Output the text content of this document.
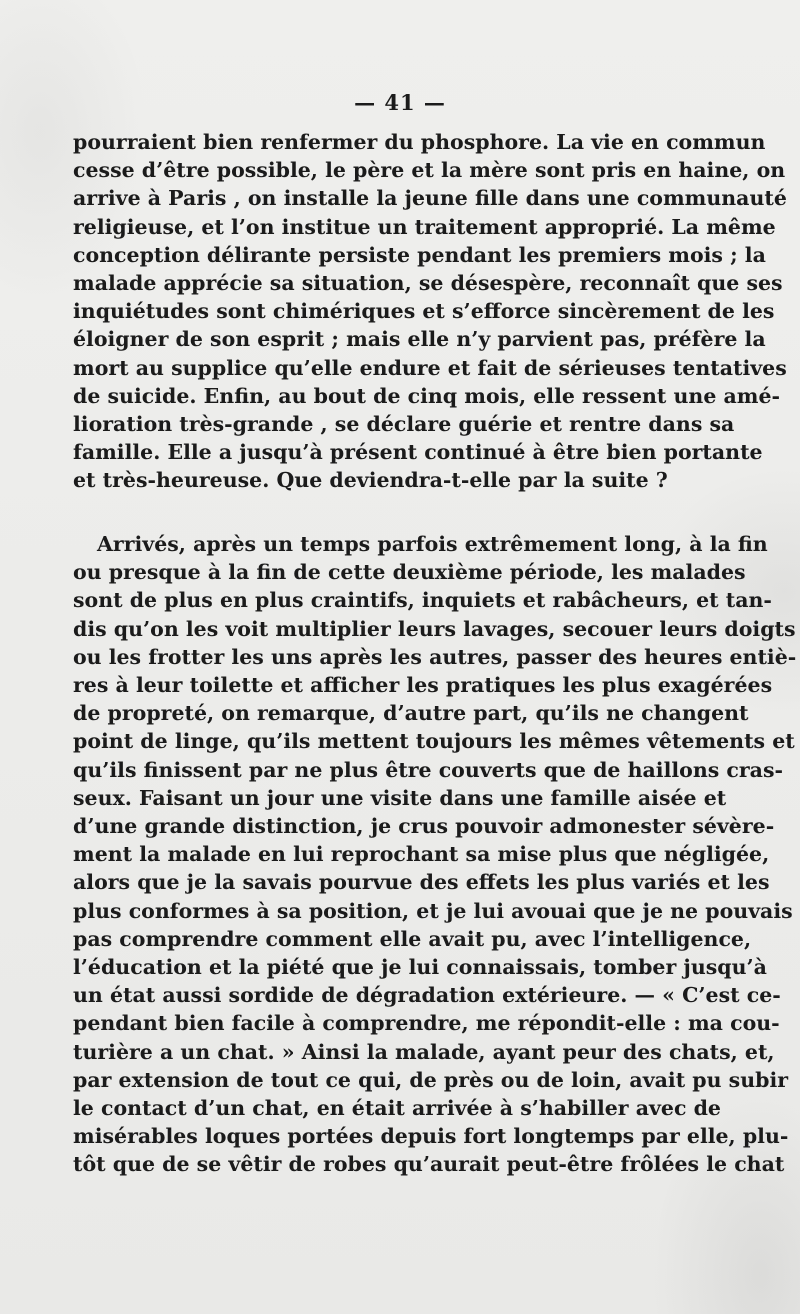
— 41 —
pourraient bien renfermer du phosphore. La vie en commun
cesse d’être possible, le père et la mère sont pris en haine, on
arrive à Paris , on installe la jeune fille dans une communauté
religieuse, et l’on institue un traitement approprié. La même
conception délirante persiste pendant les premiers mois ; la
malade apprécie sa situation, se désespère, reconnaît que ses
inquiétudes sont chimériques et s’efforce sincèrement de les
éloigner de son esprit ; mais elle n’y parvient pas, préfère la
mort au supplice qu’elle endure et fait de sérieuses tentatives
de suicide. Enfin, au bout de cinq mois, elle ressent une amé-
lioration très-grande , se déclare guérie et rentre dans sa
famille. Elle a jusqu’à présent continué à être bien portante
et très-heureuse. Que deviendra-t-elle par la suite ?
Arrivés, après un temps parfois extrêmement long, à la fin
ou presque à la fin de cette deuxième période, les malades
sont de plus en plus craintifs, inquiets et rabâcheurs, et tan-
dis qu’on les voit multiplier leurs lavages, secouer leurs doigts
ou les frotter les uns après les autres, passer des heures entiè-
res à leur toilette et afficher les pratiques les plus exagérées
de propreté, on remarque, d’autre part, qu’ils ne changent
point de linge, qu’ils mettent toujours les mêmes vêtements et
qu’ils finissent par ne plus être couverts que de haillons cras-
seux. Faisant un jour une visite dans une famille aisée et
d’une grande distinction, je crus pouvoir admonester sévère-
ment la malade en lui reprochant sa mise plus que négligée,
alors que je la savais pourvue des effets les plus variés et les
plus conformes à sa position, et je lui avouai que je ne pouvais
pas comprendre comment elle avait pu, avec l’intelligence,
l’éducation et la piété que je lui connaissais, tomber jusqu’à
un état aussi sordide de dégradation extérieure. — « C’est ce-
pendant bien facile à comprendre, me répondit-elle : ma cou-
turière a un chat. » Ainsi la malade, ayant peur des chats, et,
par extension de tout ce qui, de près ou de loin, avait pu subir
le contact d’un chat, en était arrivée à s’habiller avec de
misérables loques portées depuis fort longtemps par elle, plu-
tôt que de se vêtir de robes qu’aurait peut-être frôlées le chat
